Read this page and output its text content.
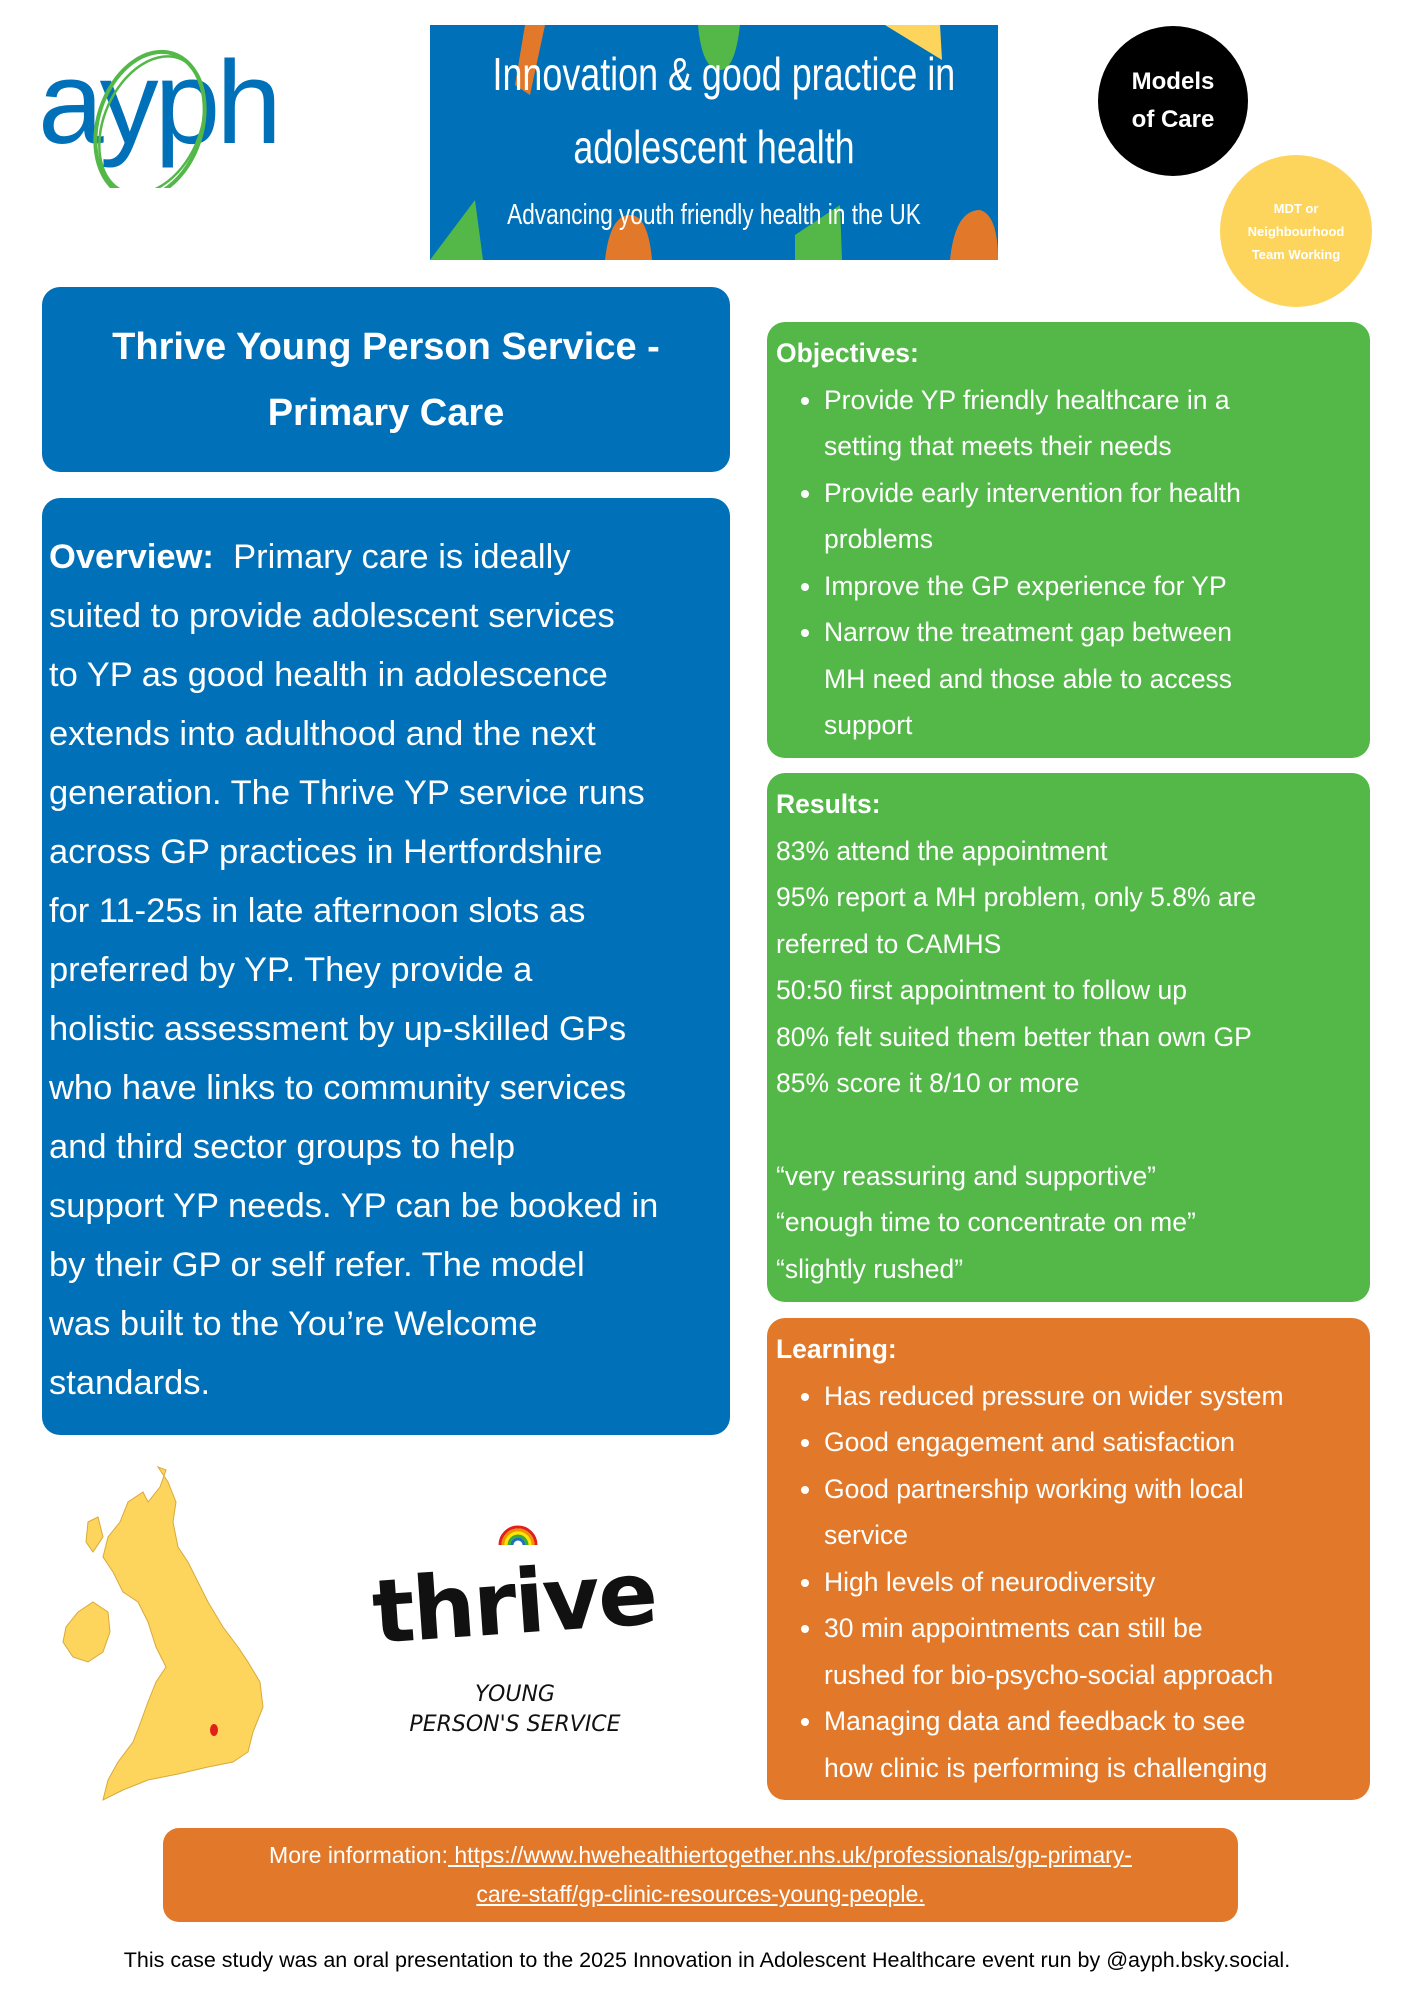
ayph	Innovation & good practice in
adolescent health
Advancing youth friendly health in the UK
Models
of Care
MDT or
Neighbourhood
Team Working
Thrive Young Person Service -
Primary Care
Overview:  Primary care is ideally
suited to provide adolescent services
to YP as good health in adolescence
extends into adulthood and the next
generation. The Thrive YP service runs
across GP practices in Hertfordshire
for 11-25s in late afternoon slots as
preferred by YP. They provide a
holistic assessment by up-skilled GPs
who have links to community services
and third sector groups to help
support YP needs. YP can be booked in
by their GP or self refer. The model
was built to the You’re Welcome
standards.
Objectives:
• Provide YP friendly healthcare in a
setting that meets their needs
• Provide early intervention for health
problems
• Improve the GP experience for YP
• Narrow the treatment gap between
MH need and those able to access
support
Results:
83% attend the appointment
95% report a MH problem, only 5.8% are
referred to CAMHS
50:50 first appointment to follow up
80% felt suited them better than own GP
85% score it 8/10 or more
“very reassuring and supportive”
“enough time to concentrate on me”
“slightly rushed”
Learning:
• Has reduced pressure on wider system
• Good engagement and satisfaction
• Good partnership working with local
service
• High levels of neurodiversity
• 30 min appointments can still be
rushed for bio-psycho-social approach
• Managing data and feedback to see
how clinic is performing is challenging
thrive
YOUNG
PERSON'S SERVICE
More information: https://www.hwehealthiertogether.nhs.uk/professionals/gp-primary-
care-staff/gp-clinic-resources-young-people.
This case study was an oral presentation to the 2025 Innovation in Adolescent Healthcare event run by @ayph.bsky.social.
